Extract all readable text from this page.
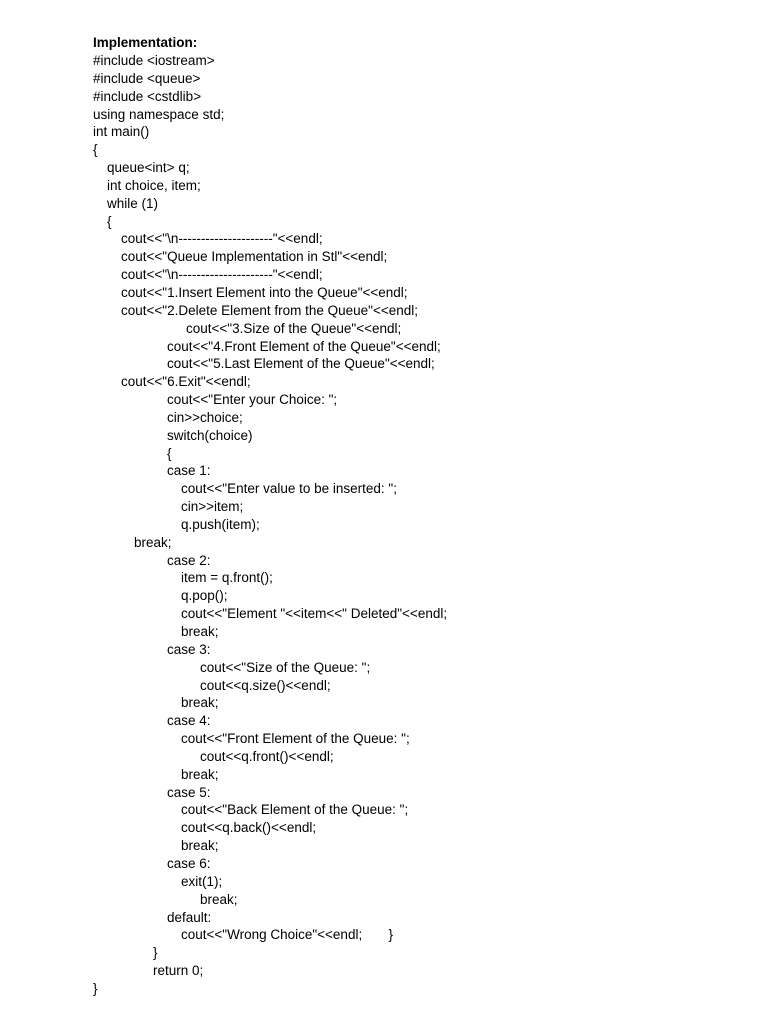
Implementation:
#include <iostream>
#include <queue>
#include <cstdlib>
using namespace std;
int main()
{
queue<int> q;
int choice, item;
while (1)
{
cout<<"\n---------------------"<<endl;
cout<<"Queue Implementation in Stl"<<endl;
cout<<"\n---------------------"<<endl;
cout<<"1.Insert Element into the Queue"<<endl;
cout<<"2.Delete Element from the Queue"<<endl;
cout<<"3.Size of the Queue"<<endl;
cout<<"4.Front Element of the Queue"<<endl;
cout<<"5.Last Element of the Queue"<<endl;
cout<<"6.Exit"<<endl;
cout<<"Enter your Choice: ";
cin>>choice;
switch(choice)
{
case 1:
cout<<"Enter value to be inserted: ";
cin>>item;
q.push(item);
break;
case 2:
item = q.front();
q.pop();
cout<<"Element "<<item<<" Deleted"<<endl;
break;
case 3:
cout<<"Size of the Queue: ";
cout<<q.size()<<endl;
break;
case 4:
cout<<"Front Element of the Queue: ";
cout<<q.front()<<endl;
break;
case 5:
cout<<"Back Element of the Queue: ";
cout<<q.back()<<endl;
break;
case 6:
exit(1);
break;
default:
cout<<"Wrong Choice"<<endl;       }
}
return 0;
}
